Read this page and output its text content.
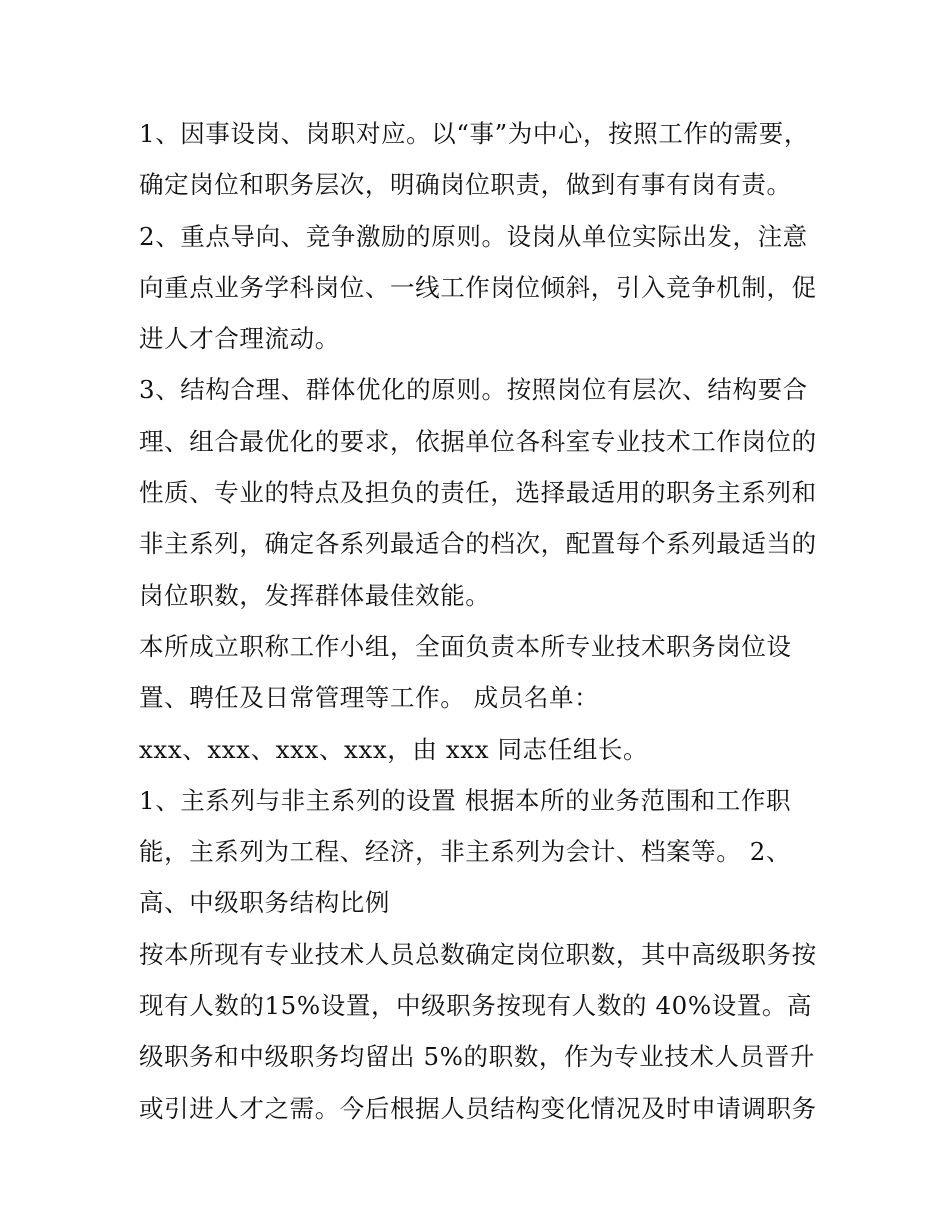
1、因事设岗、岗职对应。以“事”为中心，按照工作的需要，
确定岗位和职务层次，明确岗位职责，做到有事有岗有责。
2、重点导向、竞争激励的原则。设岗从单位实际出发，注意
向重点业务学科岗位、一线工作岗位倾斜，引入竞争机制，促
进人才合理流动。
3、结构合理、群体优化的原则。按照岗位有层次、结构要合
理、组合最优化的要求，依据单位各科室专业技术工作岗位的
性质、专业的特点及担负的责任，选择最适用的职务主系列和
非主系列，确定各系列最适合的档次，配置每个系列最适当的
岗位职数，发挥群体最佳效能。
本所成立职称工作小组，全面负责本所专业技术职务岗位设
置、聘任及日常管理等工作。 成员名单：
xxx、xxx、xxx、xxx，由 xxx 同志任组长。
1、主系列与非主系列的设置 根据本所的业务范围和工作职
能，主系列为工程、经济，非主系列为会计、档案等。 2、
高、中级职务结构比例
按本所现有专业技术人员总数确定岗位职数，其中高级职务按
现有人数的15%设置，中级职务按现有人数的 40%设置。高
级职务和中级职务均留出 5%的职数，作为专业技术人员晋升
或引进人才之需。今后根据人员结构变化情况及时申请调职务
